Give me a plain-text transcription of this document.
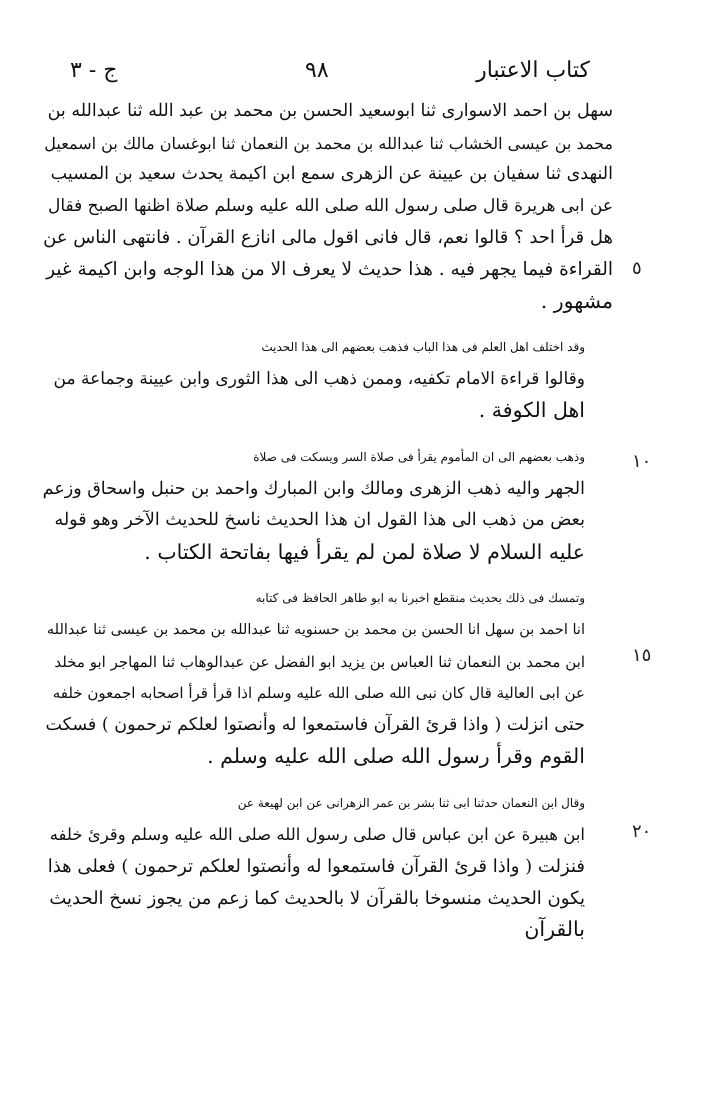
كتاب الاعتبار
٩٨
ج - ٣
٥
١٠
١٥
٢٠

سهل بن احمد الاسوارى ثنا ابوسعيد الحسن بن محمد بن عبد الله ثنا عبدالله بن
محمد بن عيسى الخشاب ثنا عبدالله بن محمد بن النعمان ثنا ابوغسان مالك بن اسمعيل
النهدى ثنا سفيان بن عيينة عن الزهرى سمع ابن اكيمة يحدث سعيد بن المسيب
عن ابى هريرة قال صلى رسول الله صلى الله عليه وسلم صلاة اظنها الصبح فقال
هل قرأ احد ؟ قالوا نعم، قال فانى اقول مالى انازع القرآن . فانتهى الناس عن
القراءة فيما يجهر فيه . هذا حديث لا يعرف الا من هذا الوجه وابن اكيمة غير
مشهور .

وقد اختلف اهل العلم فى هذا الباب فذهب بعضهم الى هذا الحديث
وقالوا قراءة الامام تكفيه، وممن ذهب الى هذا الثورى وابن عيينة وجماعة من
اهل الكوفة .

وذهب بعضهم الى ان المأموم يقرأ فى صلاة السر ويسكت فى صلاة
الجهر واليه ذهب الزهرى ومالك وابن المبارك واحمد بن حنبل واسحاق وزعم
بعض من ذهب الى هذا القول ان هذا الحديث ناسخ للحديث الآخر وهو قوله
عليه السلام لا صلاة لمن لم يقرأ فيها بفاتحة الكتاب .

وتمسك فى ذلك بحديث منقطع اخبرنا به ابو طاهر الحافظ فى كتابه
انا احمد بن سهل انا الحسن بن محمد بن حسنويه ثنا عبدالله بن محمد بن عيسى ثنا عبدالله
ابن محمد بن النعمان ثنا العباس بن يزيد ابو الفضل عن عبدالوهاب ثنا المهاجر ابو مخلد
عن ابى العالية قال كان نبى الله صلى الله عليه وسلم اذا قرأ قرأ اصحابه اجمعون خلفه
حتى انزلت ( واذا قرئ القرآن فاستمعوا له وأنصتوا لعلكم ترحمون ) فسكت
القوم وقرأ رسول الله صلى الله عليه وسلم .

وقال ابن النعمان حدثنا ابى ثنا بشر بن عمر الزهرانى عن ابن لهيعة عن
ابن هبيرة عن ابن عباس قال صلى رسول الله صلى الله عليه وسلم وقرئ خلفه
فنزلت ( واذا قرئ القرآن فاستمعوا له وأنصتوا لعلكم ترحمون ) فعلى هذا
يكون الحديث منسوخا بالقرآن لا بالحديث كما زعم من يجوز نسخ الحديث
بالقرآن
